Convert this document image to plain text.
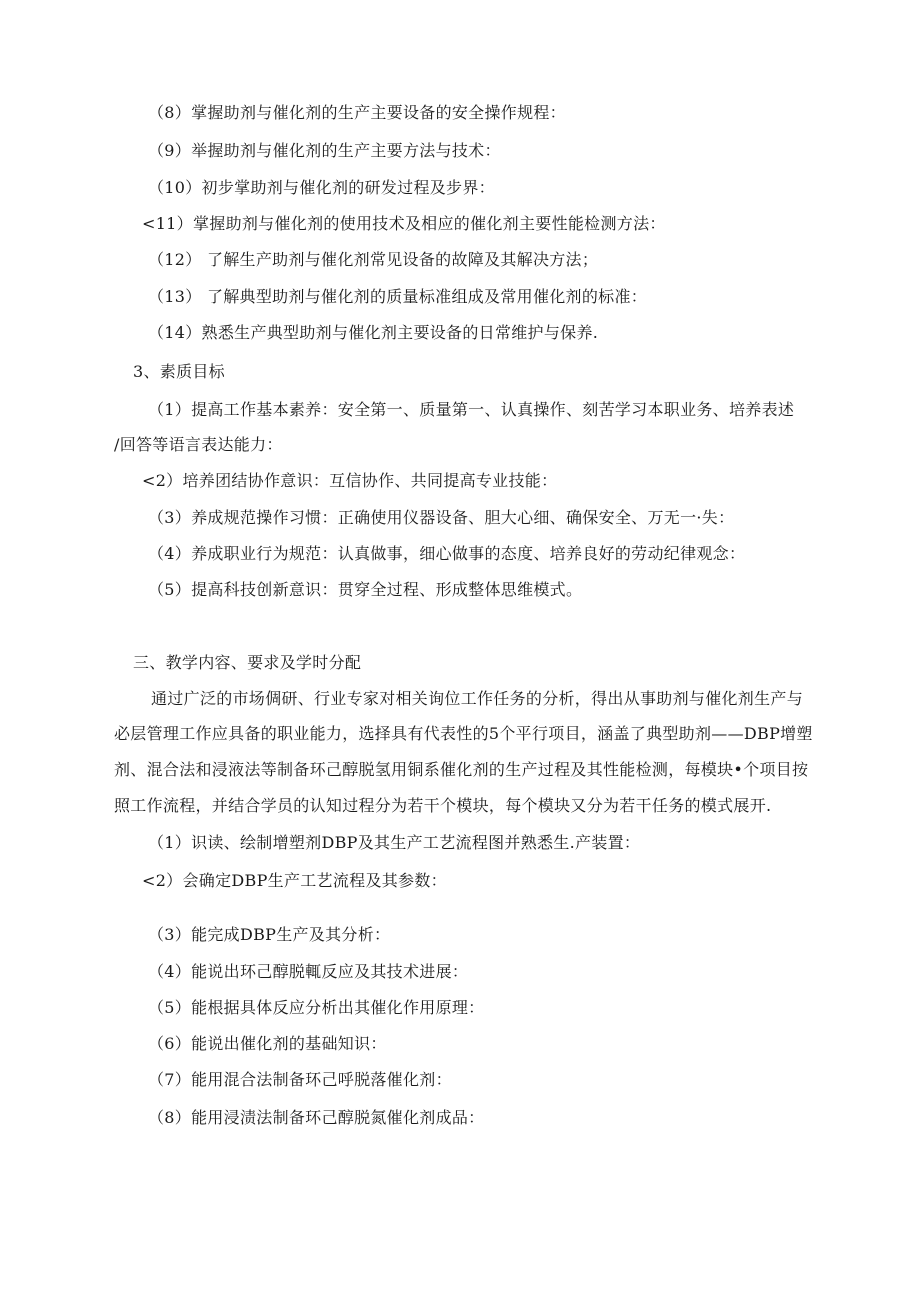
（8）掌握助剂与催化剂的生产主要设备的安全操作规程：
（9）举握助剂与催化剂的生产主要方法与技术：
（10）初步掌助剂与催化剂的研发过程及步界：
<11）掌握助剂与催化剂的使用技术及相应的催化剂主要性能检测方法：
（12） 了解生产助剂与催化剂常见设备的故障及其解决方法；
（13） 了解典型助剂与催化剂的质量标准组成及常用催化剂的标准：
（14）熟悉生产典型助剂与催化剂主要设备的日常维护与保养.
3、素质目标
（1）提高工作基本素养：安全第一、质量第一、认真操作、刻苦学习本职业务、培养表述
/回答等语言表达能力：
<2）培养团结协作意识：互信协作、共同提高专业技能：
（3）养成规范操作习惯：正确使用仪器设备、胆大心细、确保安全、万无一·失：
（4）养成职业行为规范：认真做事，细心做事的态度、培养良好的劳动纪律观念：
（5）提高科技创新意识：贯穿全过程、形成整体思维模式。
三、教学内容、要求及学时分配
通过广泛的市场倜研、行业专家对相关询位工作任务的分析，得出从事助剂与催化剂生产与
必层管理工作应具备的职业能力，选择具有代表性的5个平行项目，涵盖了典型助剂——DBP增塑
剂、混合法和浸液法等制备环己醇脱氢用铜系催化剂的生产过程及其性能检测，每模块•个项目按
照工作流程，并结合学员的认知过程分为若干个模块，每个模块又分为若干任务的模式展开.
（1）识读、绘制增塑剂DBP及其生产工艺流程图并熟悉生.产装置：
<2）会确定DBP生产工艺流程及其参数：
（3）能完成DBP生产及其分析：
（4）能说出环己醇脱輒反应及其技术进展：
（5）能根据具体反应分析出其催化作用原理：
（6）能说出催化剂的基础知识：
（7）能用混合法制备环己呼脱落催化剂：
（8）能用浸渍法制备环己醇脱氮催化剂成品：
